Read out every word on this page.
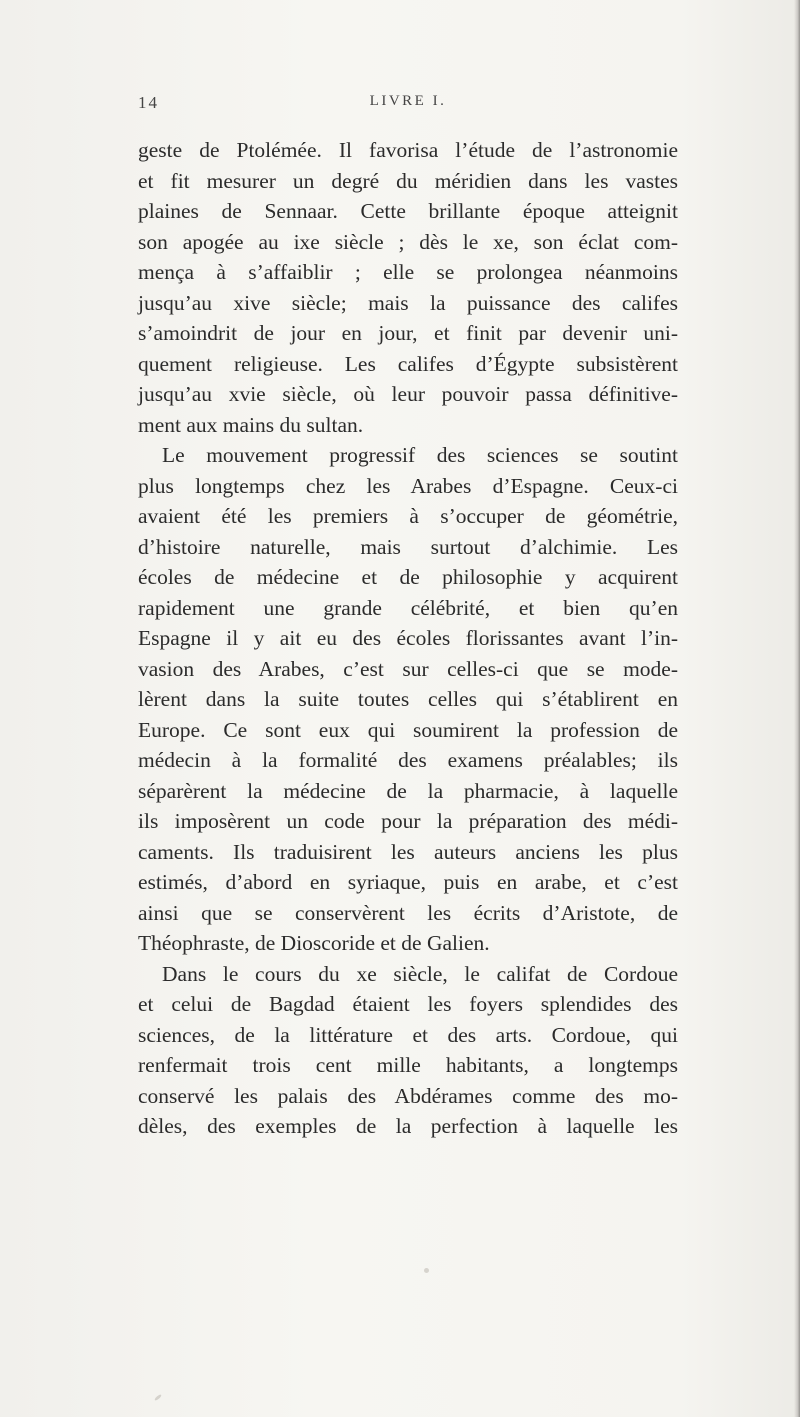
14	LIVRE I.
geste de Ptolémée. Il favorisa l’étude de l’astronomie
et fit mesurer un degré du méridien dans les vastes
plaines de Sennaar. Cette brillante époque atteignit
son apogée au ixe siècle ; dès le xe, son éclat com-
mença à s’affaiblir ; elle se prolongea néanmoins
jusqu’au xive siècle; mais la puissance des califes
s’amoindrit de jour en jour, et finit par devenir uni-
quement religieuse. Les califes d’Égypte subsistèrent
jusqu’au xvie siècle, où leur pouvoir passa définitive-
ment aux mains du sultan.
Le mouvement progressif des sciences se soutint
plus longtemps chez les Arabes d’Espagne. Ceux-ci
avaient été les premiers à s’occuper de géométrie,
d’histoire naturelle, mais surtout d’alchimie. Les
écoles de médecine et de philosophie y acquirent
rapidement une grande célébrité, et bien qu’en
Espagne il y ait eu des écoles florissantes avant l’in-
vasion des Arabes, c’est sur celles-ci que se mode-
lèrent dans la suite toutes celles qui s’établirent en
Europe. Ce sont eux qui soumirent la profession de
médecin à la formalité des examens préalables; ils
séparèrent la médecine de la pharmacie, à laquelle
ils imposèrent un code pour la préparation des médi-
caments. Ils traduisirent les auteurs anciens les plus
estimés, d’abord en syriaque, puis en arabe, et c’est
ainsi que se conservèrent les écrits d’Aristote, de
Théophraste, de Dioscoride et de Galien.
Dans le cours du xe siècle, le califat de Cordoue
et celui de Bagdad étaient les foyers splendides des
sciences, de la littérature et des arts. Cordoue, qui
renfermait trois cent mille habitants, a longtemps
conservé les palais des Abdérames comme des mo-
dèles, des exemples de la perfection à laquelle les
